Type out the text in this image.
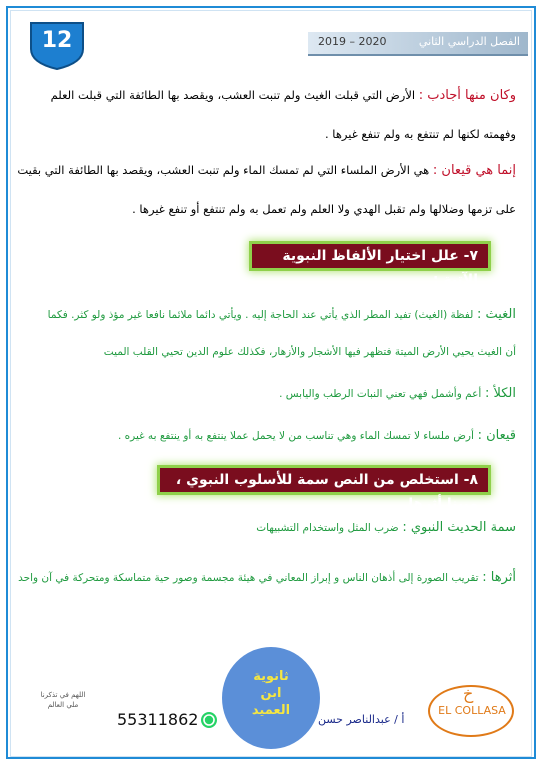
12	الفصل الدراسي الثاني
2019 – 2020
وكان منها أجادب : الأرض التي قبلت الغيث ولم تنبت العشب، ويقصد بها الطائفة التي قبلت العلم
وفهمته لكنها لم تنتفع به ولم تنفع غيرها .
إنما هي قيعان : هي الأرض الملساء التي لم تمسك الماء ولم تنبت العشب، ويقصد بها الطائفة التي بقيت
على تزمها وضلالها ولم تقبل الهدي ولا العلم ولم تعمل به ولم تنتفع أو تنفع غيرها .
٧- علل اختيار الألفاظ النبوية الآتية :
الغيث : لفظة (الغيث) تفيد المطر الذي يأتي عند الحاجة إليه . ويأتي دائما ملائما نافعا غير مؤذ ولو كثر. فكما
أن الغيث يحيي الأرض الميتة فتظهر فيها الأشجار والأزهار، فكذلك علوم الدين تحيي القلب الميت
الكلأ : أعم وأشمل فهي تعني النبات الرطب واليابس .
قيعان : أرض ملساء لا تمسك الماء وهي تناسب من لا يحمل عملا ينتفع به أو ينتفع به غيره .
٨- استخلص من النص سمة للأسلوب النبوي ، مبينا أثرها.
سمة الحديث النبوي : ضرب المثل واستخدام التشبيهات
أثرها : تقريب الصورة إلى أذهان الناس و إبراز المعاني في هيئة مجسمة وصور حية متماسكة ومتحركة في آن واحد
ثانوية
ابن
العميد
55311862	أ / عبدالناصر حسن
خ
EL COLLASA
اللهم في تذكرنا ملي العالم
